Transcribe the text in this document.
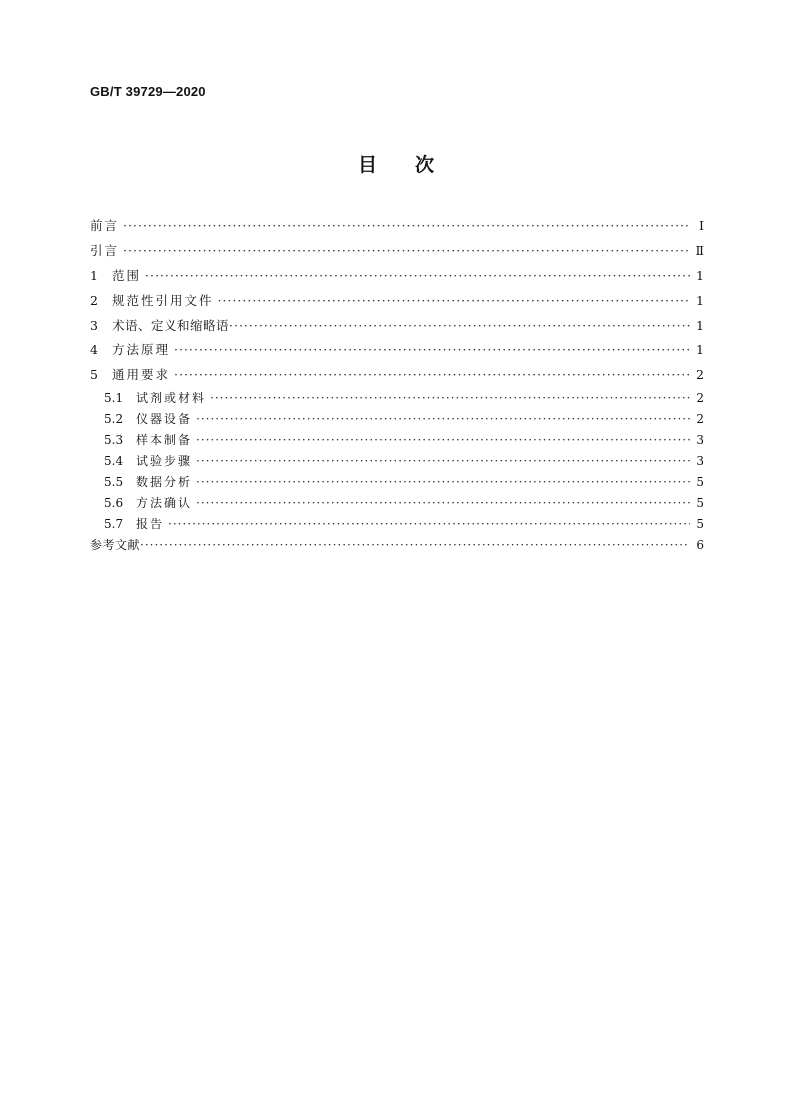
GB/T 39729—2020
目次
前言 ·····	Ⅰ
引言 ·····	Ⅱ
1	范围 ·····	1
2	规范性引用文件 ·····	1
3	术语、定义和缩略语 ·····	1
4	方法原理 ·····	1
5	通用要求 ·····	2
5.1	试剂或材料 ·····	2
5.2	仪器设备 ·····	2
5.3	样本制备 ·····	3
5.4	试验步骤 ·····	3
5.5	数据分析 ·····	5
5.6	方法确认 ·····	5
5.7	报告 ·····	5
参考文献 ·····	6
